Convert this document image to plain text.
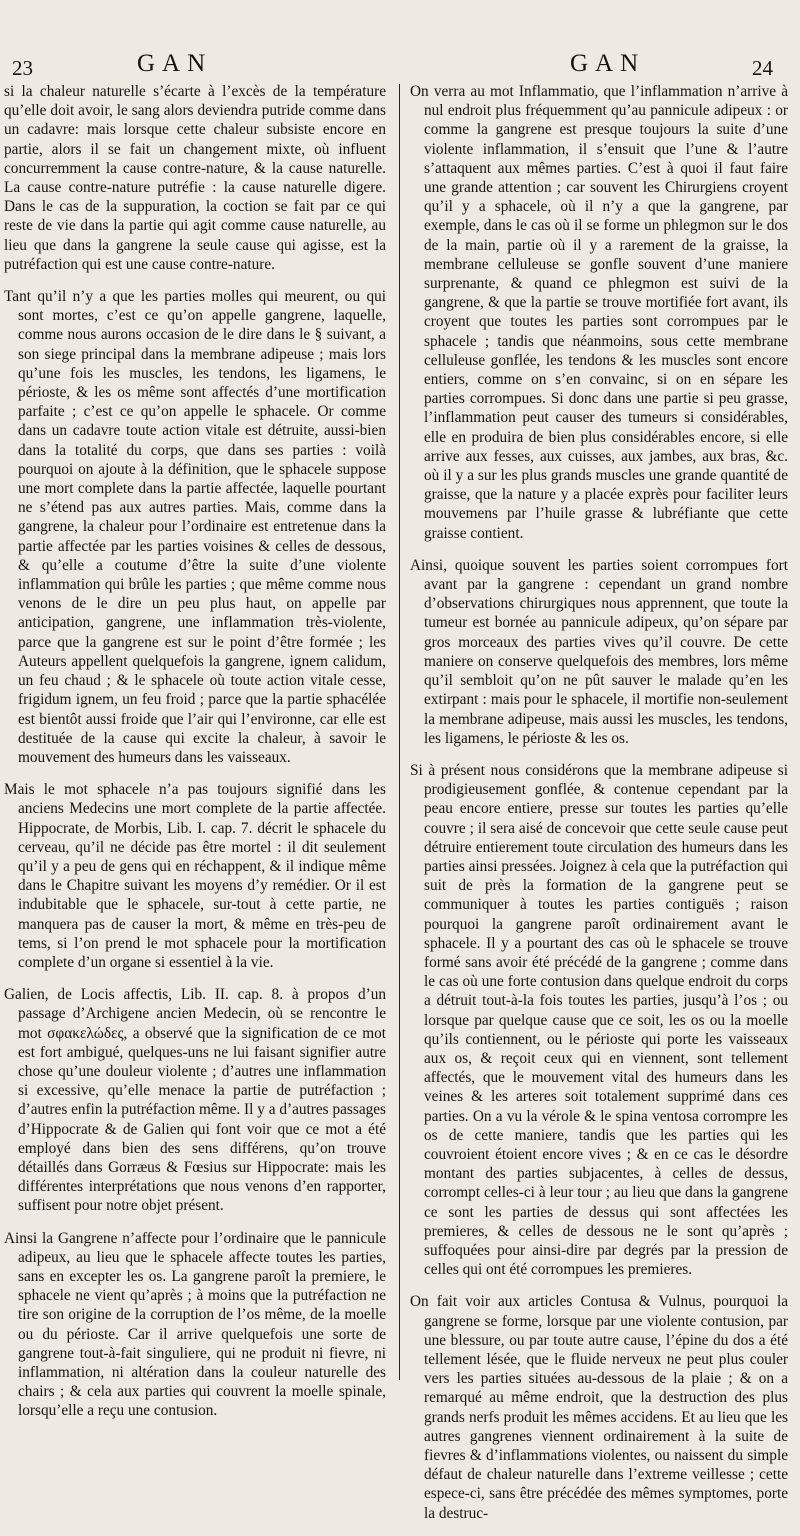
23	GAN	GAN	24

si la chaleur naturelle s’écarte à l’excès de la température qu’elle doit avoir, le sang alors deviendra putride comme dans un cadavre: mais lorsque cette chaleur subsiste encore en partie, alors il se fait un changement mixte, où influent concurremment la cause contre-nature, & la cause naturelle. La cause contre-nature putréfie : la cause naturelle digere. Dans le cas de la suppuration, la coction se fait par ce qui reste de vie dans la partie qui agit comme cause naturelle, au lieu que dans la gangrene la seule cause qui agisse, est la putréfaction qui est une cause contre-nature.

Tant qu’il n’y a que les parties molles qui meurent, ou qui sont mortes, c’est ce qu’on appelle gangrene, laquelle, comme nous aurons occasion de le dire dans le § suivant, a son siege principal dans la membrane adipeuse ; mais lors qu’une fois les muscles, les tendons, les ligamens, le périoste, & les os même sont affectés d’une mortification parfaite ; c’est ce qu’on appelle le sphacele. Or comme dans un cadavre toute action vitale est détruite, aussi-bien dans la totalité du corps, que dans ses parties : voilà pourquoi on ajoute à la définition, que le sphacele suppose une mort complete dans la partie affectée, laquelle pourtant ne s’étend pas aux autres parties. Mais, comme dans la gangrene, la chaleur pour l’ordinaire est entretenue dans la partie affectée par les parties voisines & celles de dessous, & qu’elle a coutume d’être la suite d’une violente inflammation qui brûle les parties ; que même comme nous venons de le dire un peu plus haut, on appelle par anticipation, gangrene, une inflammation très-violente, parce que la gangrene est sur le point d’être formée ; les Auteurs appellent quelquefois la gangrene, ignem calidum, un feu chaud ; & le sphacele où toute action vitale cesse, frigidum ignem, un feu froid ; parce que la partie sphacélée est bientôt aussi froide que l’air qui l’environne, car elle est destituée de la cause qui excite la chaleur, à savoir le mouvement des humeurs dans les vaisseaux.

Mais le mot sphacele n’a pas toujours signifié dans les anciens Medecins une mort complete de la partie affectée. Hippocrate, de Morbis, Lib. I. cap. 7. décrit le sphacele du cerveau, qu’il ne décide pas être mortel : il dit seulement qu’il y a peu de gens qui en réchappent, & il indique même dans le Chapitre suivant les moyens d’y remédier. Or il est indubitable que le sphacele, sur-tout à cette partie, ne manquera pas de causer la mort, & même en très-peu de tems, si l’on prend le mot sphacele pour la mortification complete d’un organe si essentiel à la vie.

Galien, de Locis affectis, Lib. II. cap. 8. à propos d’un passage d’Archigene ancien Medecin, où se rencontre le mot σφακελώδες, a observé que la signification de ce mot est fort ambigué, quelques-uns ne lui faisant signifier autre chose qu’une douleur violente ; d’autres une inflammation si excessive, qu’elle menace la partie de putréfaction ; d’autres enfin la putréfaction même. Il y a d’autres passages d’Hippocrate & de Galien qui font voir que ce mot a été employé dans bien des sens différens, qu’on trouve détaillés dans Gorræus & Fœsius sur Hippocrate: mais les différentes interprétations que nous venons d’en rapporter, suffisent pour notre objet présent.

Ainsi la Gangrene n’affecte pour l’ordinaire que le pannicule adipeux, au lieu que le sphacele affecte toutes les parties, sans en excepter les os. La gangrene paroît la premiere, le sphacele ne vient qu’après ; à moins que la putréfaction ne tire son origine de la corruption de l’os même, de la moelle ou du périoste. Car il arrive quelquefois une sorte de gangrene tout-à-fait singuliere, qui ne produit ni fievre, ni inflammation, ni altération dans la couleur naturelle des chairs ; & cela aux parties qui couvrent la moelle spinale, lorsqu’elle a reçu une contusion.

On verra au mot Inflammatio, que l’inflammation n’arrive à nul endroit plus fréquemment qu’au pannicule adipeux : or comme la gangrene est presque toujours la suite d’une violente inflammation, il s’ensuit que l’une & l’autre s’attaquent aux mêmes parties. C’est à quoi il faut faire une grande attention ; car souvent les Chirurgiens croyent qu’il y a sphacele, où il n’y a que la gangrene, par exemple, dans le cas où il se forme un phlegmon sur le dos de la main, partie où il y a rarement de la graisse, la membrane celluleuse se gonfle souvent d’une maniere surprenante, & quand ce phlegmon est suivi de la gangrene, & que la partie se trouve mortifiée fort avant, ils croyent que toutes les parties sont corrompues par le sphacele ; tandis que néanmoins, sous cette membrane celluleuse gonflée, les tendons & les muscles sont encore entiers, comme on s’en convainc, si on en sépare les parties corrompues. Si donc dans une partie si peu grasse, l’inflammation peut causer des tumeurs si considérables, elle en produira de bien plus considérables encore, si elle arrive aux fesses, aux cuisses, aux jambes, aux bras, &c. où il y a sur les plus grands muscles une grande quantité de graisse, que la nature y a placée exprès pour faciliter leurs mouvemens par l’huile grasse & lubréfiante que cette graisse contient.

Ainsi, quoique souvent les parties soient corrompues fort avant par la gangrene : cependant un grand nombre d’observations chirurgiques nous apprennent, que toute la tumeur est bornée au pannicule adipeux, qu’on sépare par gros morceaux des parties vives qu’il couvre. De cette maniere on conserve quelquefois des membres, lors même qu’il sembloit qu’on ne pût sauver le malade qu’en les extirpant : mais pour le sphacele, il mortifie non-seulement la membrane adipeuse, mais aussi les muscles, les tendons, les ligamens, le périoste & les os.

Si à présent nous considérons que la membrane adipeuse si prodigieusement gonflée, & contenue cependant par la peau encore entiere, presse sur toutes les parties qu’elle couvre ; il sera aisé de concevoir que cette seule cause peut détruire entierement toute circulation des humeurs dans les parties ainsi pressées. Joignez à cela que la putréfaction qui suit de près la formation de la gangrene peut se communiquer à toutes les parties contiguës ; raison pourquoi la gangrene paroît ordinairement avant le sphacele. Il y a pourtant des cas où le sphacele se trouve formé sans avoir été précédé de la gangrene ; comme dans le cas où une forte contusion dans quelque endroit du corps a détruit tout-à-la fois toutes les parties, jusqu’à l’os ; ou lorsque par quelque cause que ce soit, les os ou la moelle qu’ils contiennent, ou le périoste qui porte les vaisseaux aux os, & reçoit ceux qui en viennent, sont tellement affectés, que le mouvement vital des humeurs dans les veines & les arteres soit totalement supprimé dans ces parties. On a vu la vérole & le spina ventosa corrompre les os de cette maniere, tandis que les parties qui les couvroient étoient encore vives ; & en ce cas le désordre montant des parties subjacentes, à celles de dessus, corrompt celles-ci à leur tour ; au lieu que dans la gangrene ce sont les parties de dessus qui sont affectées les premieres, & celles de dessous ne le sont qu’après ; suffoquées pour ainsi-dire par degrés par la pression de celles qui ont été corrompues les premieres.

On fait voir aux articles Contusa & Vulnus, pourquoi la gangrene se forme, lorsque par une violente contusion, par une blessure, ou par toute autre cause, l’épine du dos a été tellement lésée, que le fluide nerveux ne peut plus couler vers les parties situées au-dessous de la plaie ; & on a remarqué au même endroit, que la destruction des plus grands nerfs produit les mêmes accidens. Et au lieu que les autres gangrenes viennent ordinairement à la suite de fievres & d’inflammations violentes, ou naissent du simple défaut de chaleur naturelle dans l’extreme veillesse ; cette espece-ci, sans être précédée des mêmes symptomes, porte la destruc-
